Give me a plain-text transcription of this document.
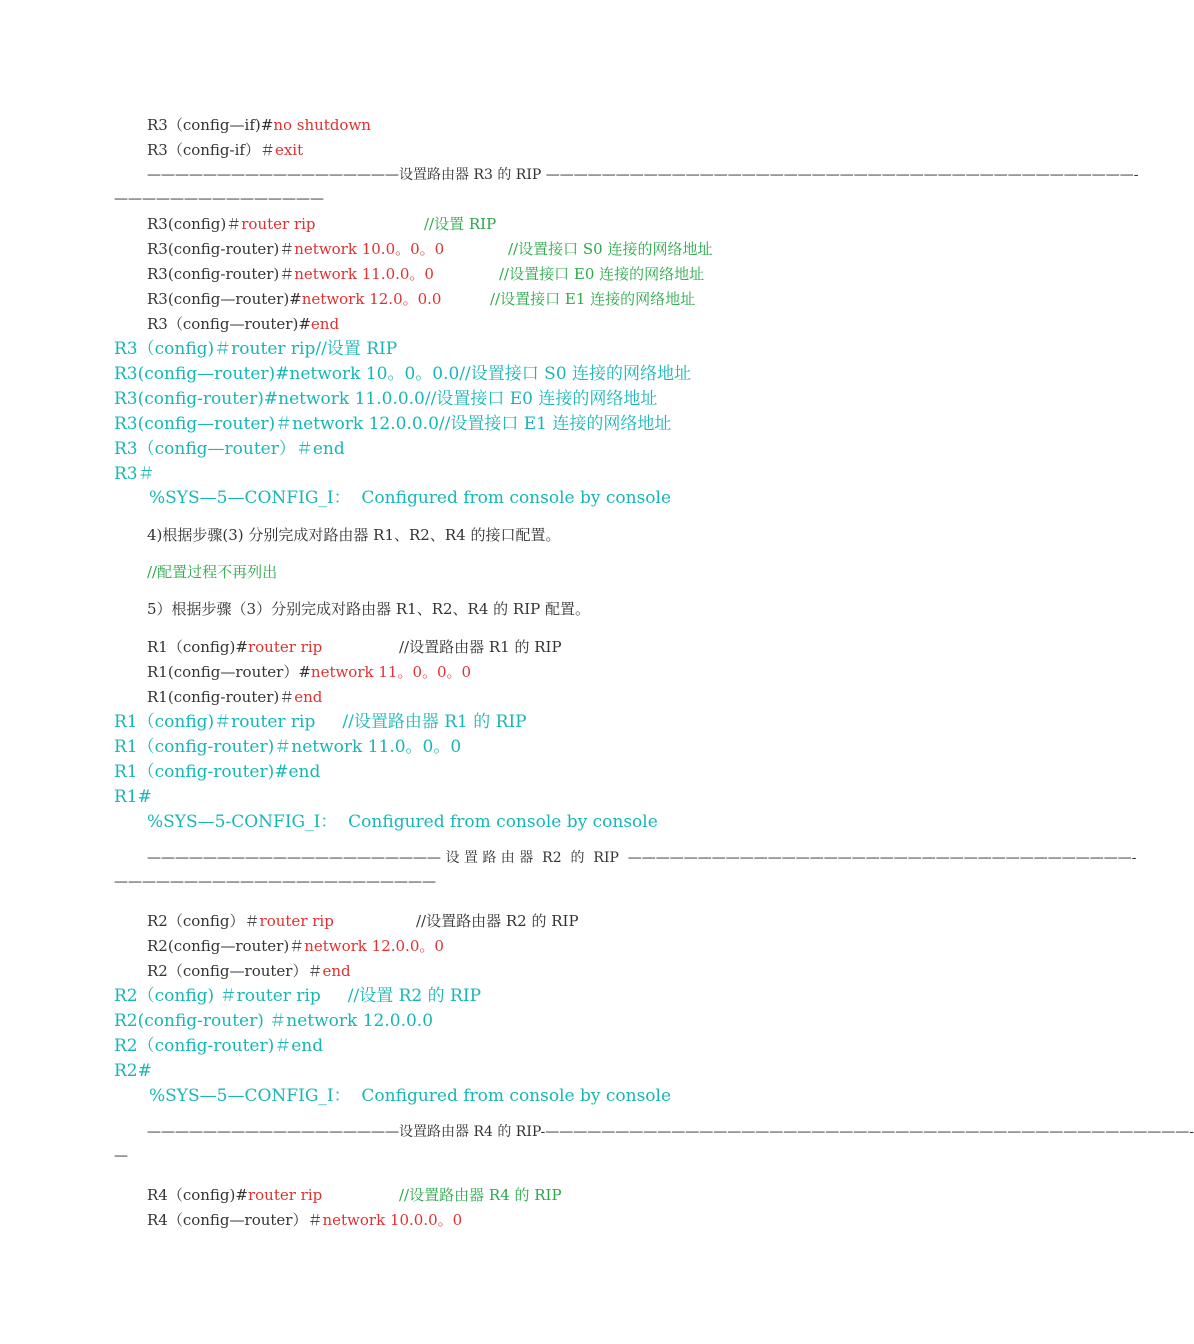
R3（config—if)#no shutdown
R3（config-if）＃exit
——————————————————设置路由器 R3 的 RIP ——————————————————————————————————————————-
———————————————
R3(config)＃router rip	//设置 RIP
R3(config-router)＃network 10.0。0。0	//设置接口 S0 连接的网络地址
R3(config-router)＃network 11.0.0。0	//设置接口 E0 连接的网络地址
R3(config—router)#network 12.0。0.0	//设置接口 E1 连接的网络地址
R3（config—router)#end
R3（config)＃router rip//设置 RIP
R3(config—router)#network 10。0。0.0//设置接口 S0 连接的网络地址
R3(config-router)#network 11.0.0.0//设置接口 E0 连接的网络地址
R3(config—router)＃network 12.0.0.0//设置接口 E1 连接的网络地址
R3（config—router）＃end
R3＃
%SYS—5—CONFIG_I：  Configured from console by console
4)根据步骤(3) 分别完成对路由器 R1、R2、R4 的接口配置。
//配置过程不再列出
5）根据步骤（3）分别完成对路由器 R1、R2、R4 的 RIP 配置。
R1（config)#router rip	//设置路由器 R1 的 RIP
R1(config—router）#network 11。0。0。0
R1(config-router)＃end
R1（config)＃router rip     //设置路由器 R1 的 RIP
R1（config-router)＃network 11.0。0。0
R1（config-router)#end
R1#
%SYS—5-CONFIG_I：  Configured from console by console
————————————————————— 设 置 路 由 器  R2  的  RIP  ————————————————————————————————————-
———————————————————————
R2（config）＃router rip	//设置路由器 R2 的 RIP
R2(config—router)＃network 12.0.0。0
R2（config—router）＃end
R2（config) ＃router rip     //设置 R2 的 RIP
R2(config-router) ＃network 12.0.0.0
R2（config-router)＃end
R2#
%SYS—5—CONFIG_I：  Configured from console by console
——————————————————设置路由器 R4 的 RIP-——————————————————————————————————————————————-
—
R4（config)#router rip	//设置路由器 R4 的 RIP
R4（config—router）＃network 10.0.0。0
